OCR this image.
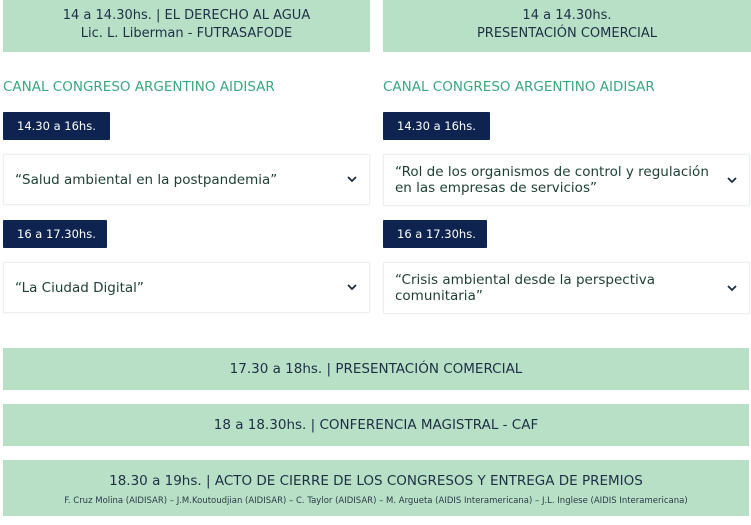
14 a 14.30hs. | EL DERECHO AL AGUA
Lic. L. Liberman - FUTRASAFODE
14 a 14.30hs.
PRESENTACIÓN COMERCIAL
CANAL CONGRESO ARGENTINO AIDISAR
14.30 a 16hs.
“Salud ambiental en la postpandemia”
16 a 17.30hs.
“La Ciudad Digital”
CANAL CONGRESO ARGENTINO AIDISAR
14.30 a 16hs.
“Rol de los organismos de control y regulación en las empresas de servicios”
16 a 17.30hs.
“Crisis ambiental desde la perspectiva comunitaria”
17.30 a 18hs. | PRESENTACIÓN COMERCIAL
18 a 18.30hs. | CONFERENCIA MAGISTRAL - CAF
18.30 a 19hs. | ACTO DE CIERRE DE LOS CONGRESOS Y ENTREGA DE PREMIOS
F. Cruz Molina (AIDISAR) – J.M.Koutoudjian (AIDISAR) – C. Taylor (AIDISAR) – M. Argueta (AIDIS Interamericana) – J.L. Inglese (AIDIS Interamericana)
